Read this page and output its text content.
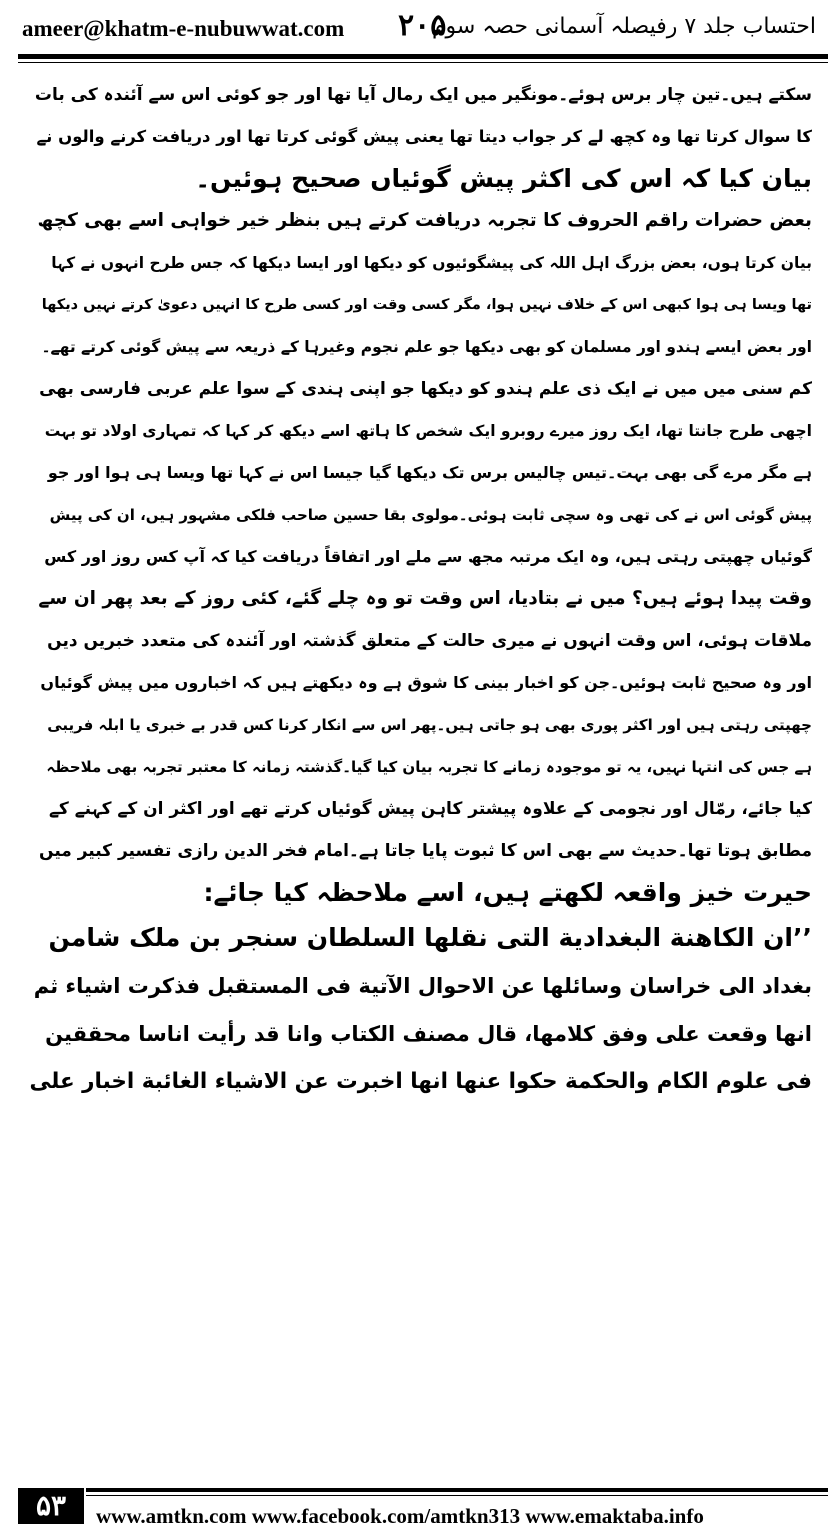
ameer@khatm-e-nubuwwat.com ۲۰۵
احتساب جلد ۷ رفیصلہ آسمانی حصہ سوم
سکتے ہیں۔تین چار برس ہوئے۔مونگیر میں ایک رمال آیا تھا اور جو کوئی اس سے آئندہ کی بات
کا سوال کرتا تھا وہ کچھ لے کر جواب دیتا تھا یعنی پیش گوئی کرتا تھا اور دریافت کرنے والوں نے
بیان کیا کہ اس کی اکثر پیش گوئیاں صحیح ہوئیں۔
بعض حضرات راقم الحروف کا تجربہ دریافت کرتے ہیں بنظر خیر خواہی اسے بھی کچھ
بیان کرتا ہوں، بعض بزرگ اہل اللہ کی پیشگوئیوں کو دیکھا اور ایسا دیکھا کہ جس طرح انہوں نے کہا
تھا ویسا ہی ہوا کبھی اس کے خلاف نہیں ہوا، مگر کسی وقت اور کسی طرح کا انہیں دعویٰ کرتے نہیں دیکھا
اور بعض ایسے ہندو اور مسلمان کو بھی دیکھا جو علم نجوم وغیرہا کے ذریعہ سے پیش گوئی کرتے تھے۔
کم سنی میں میں نے ایک ذی علم ہندو کو دیکھا جو اپنی ہندی کے سوا علم عربی فارسی بھی
اچھی طرح جانتا تھا، ایک روز میرے روبرو ایک شخص کا ہاتھ اسے دیکھ کر کہا کہ تمہاری اولاد تو بہت
ہے مگر مرے گی بھی بہت۔تیس چالیس برس تک دیکھا گیا جیسا اس نے کہا تھا ویسا ہی ہوا اور جو
پیش گوئی اس نے کی تھی وہ سچی ثابت ہوئی۔مولوی بقا حسین صاحب فلکی مشہور ہیں، ان کی پیش
گوئیاں چھپتی رہتی ہیں، وہ ایک مرتبہ مجھ سے ملے اور اتفاقاً دریافت کیا کہ آپ کس روز اور کس
وقت پیدا ہوئے ہیں؟ میں نے بتادیا، اس وقت تو وہ چلے گئے، کئی روز کے بعد پھر ان سے
ملاقات ہوئی، اس وقت انہوں نے میری حالت کے متعلق گذشتہ اور آئندہ کی متعدد خبریں دیں
اور وہ صحیح ثابت ہوئیں۔جن کو اخبار بینی کا شوق ہے وہ دیکھتے ہیں کہ اخباروں میں پیش گوئیاں
چھپتی رہتی ہیں اور اکثر پوری بھی ہو جاتی ہیں۔پھر اس سے انکار کرنا کس قدر بے خبری یا ابلہ فریبی
ہے جس کی انتہا نہیں، یہ تو موجودہ زمانے کا تجربہ بیان کیا گیا۔گذشتہ زمانہ کا معتبر تجربہ بھی ملاحظہ
کیا جائے، رمّال اور نجومی کے علاوہ پیشتر کاہن پیش گوئیاں کرتے تھے اور اکثر ان کے کہنے کے
مطابق ہوتا تھا۔حدیث سے بھی اس کا ثبوت پایا جاتا ہے۔امام فخر الدین رازی تفسیر کبیر میں
حیرت خیز واقعہ لکھتے ہیں، اسے ملاحظہ کیا جائے:
’’ان الکاهنة البغدادیة التی نقلها السلطان سنجر بن ملک شامن
بغداد الی خراسان وسائلها عن الاحوال الآتیة فی المستقبل فذکرت اشیاء ثم
انها وقعت علی وفق کلامها، قال مصنف الکتاب وانا قد رأیت اناسا محققین
فی علوم الکام والحکمة حکوا عنها انها اخبرت عن الاشیاء الغائبة اخبار علی
۵۳	www.amtkn.com www.facebook.com/amtkn313 www.emaktaba.info
